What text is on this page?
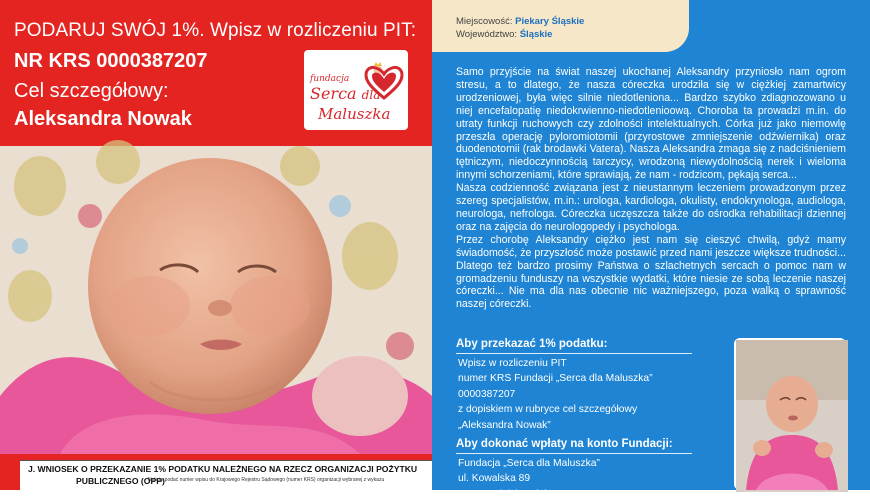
PODARUJ SWÓJ 1%. Wpisz w rozliczeniu PIT:
NR KRS 0000387207
Cel szczegółowy:
Aleksandra Nowak
fundacja
Serca dla
Maluszka
J. WNIOSEK O PRZEKAZANIE 1% PODATKU NALEŻNEGO NA RZECZ ORGANIZACJI POŻYTKU
PUBLICZNEGO (OPP)
Należy podać numer wpisu do Krajowego Rejestru Sądowego (numer KRS) organizacji wybranej z wykazu
Miejscowość: Piekary Śląskie
Województwo: Śląskie

Samo przyjście na świat naszej ukochanej Aleksandry przyniosło nam ogrom stresu, a to dlatego, że nasza córeczka urodziła się w ciężkiej zamartwicy urodzeniowej, była więc silnie niedotleniona... Bardzo szybko zdiagnozowano u niej encefalopatię niedokrwienno-niedotlenioową. Choroba ta prowadzi m.in. do utraty funkcji ruchowych czy zdolności intelektualnych. Córka już jako niemowlę przeszła operację pyloromiotomii (przyrostowe zmniejszenie odźwiernika) oraz duodenotomii (rak brodawki Vatera). Nasza Aleksandra zmaga się z nadciśnieniem tętniczym, niedoczynnością tarczycy, wrodzoną niewydolnością nerek i wieloma innymi schorzeniami, które sprawiają, że nam - rodzicom, pękają serca...

Nasza codzienność związana jest z nieustannym leczeniem prowadzonym przez szereg specjalistów, m.in.: urologa, kardiologa, okulisty, endokrynologa, audiologa, neurologa, nefrologa. Córeczka uczęszcza także do ośrodka rehabilitacji dziennej oraz na zajęcia do neurologopedy i psychologa.

Przez chorobę Aleksandry ciężko jest nam się cieszyć chwilą, gdyż mamy świadomość, że przyszłość może postawić przed nami jeszcze większe trudności... Dlatego też bardzo prosimy Państwa o szlachetnych sercach o pomoc nam w gromadzeniu funduszy na wszystkie wydatki, które niesie ze sobą leczenie naszej córeczki... Nie ma dla nas obecnie nic ważniejszego, poza walką o sprawność naszej córeczki.

Aby przekazać 1% podatku:
Wpisz w rozliczeniu PIT
numer KRS Fundacji „Serca dla Maluszka”
0000387207
z dopiskiem w rubryce cel szczegółowy
„Aleksandra Nowak”
Aby dokonać wpłaty na konto Fundacji:
Fundacja „Serca dla Maluszka”
ul. Kowalska 89
43-300 Bielsko-Biała
